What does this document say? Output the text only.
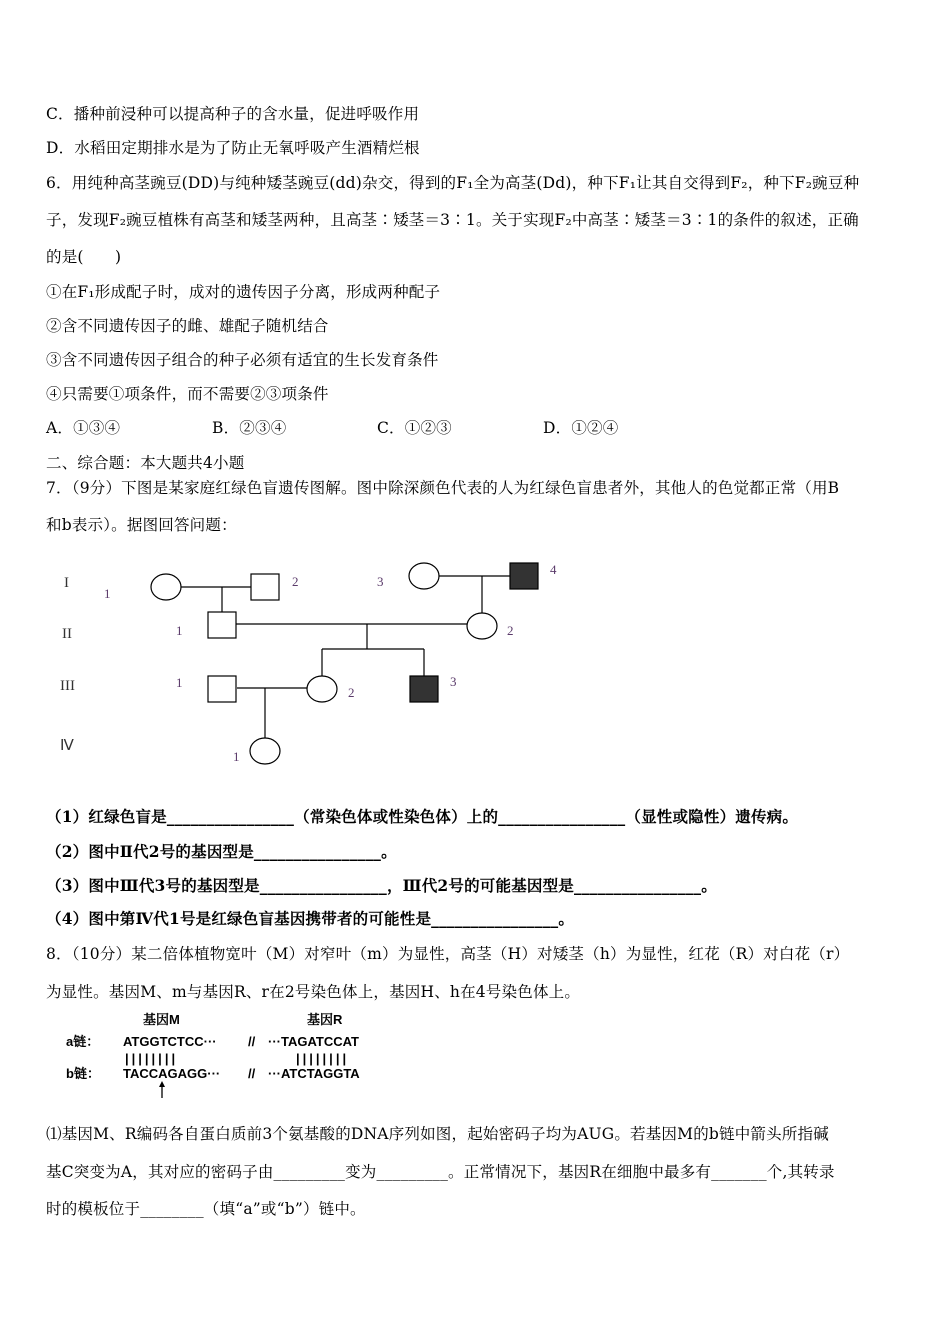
C．播种前浸种可以提高种子的含水量，促进呼吸作用
D．水稻田定期排水是为了防止无氧呼吸产生酒精烂根
6．用纯种高茎豌豆(DD)与纯种矮茎豌豆(dd)杂交，得到的F₁全为高茎(Dd)，种下F₁让其自交得到F₂，种下F₂豌豆种
子，发现F₂豌豆植株有高茎和矮茎两种，且高茎∶矮茎＝3∶1。关于实现F₂中高茎∶矮茎＝3∶1的条件的叙述，正确
的是(　　)
①在F₁形成配子时，成对的遗传因子分离，形成两种配子
②含不同遗传因子的雌、雄配子随机结合
③含不同遗传因子组合的种子必须有适宜的生长发育条件
④只需要①项条件，而不需要②③项条件
A．①③④	B．②③④	C．①②③	D．①②④
二、综合题：本大题共4小题
7．（9分）下图是某家庭红绿色盲遗传图解。图中除深颜色代表的人为红绿色盲患者外，其他人的色觉都正常（用B
和b表示）。据图回答问题：
I
II
III
Ⅳ
1
2	3
4
1	2
1
2
3
1
（1）红绿色盲是________________（常染色体或性染色体）上的________________（显性或隐性）遗传病。
（2）图中Ⅱ代2号的基因型是________________。
（3）图中Ⅲ代3号的基因型是________________，Ⅲ代2号的可能基因型是________________。
（4）图中第Ⅳ代1号是红绿色盲基因携带者的可能性是________________。
8．（10分）某二倍体植物宽叶（M）对窄叶（m）为显性，高茎（H）对矮茎（h）为显性，红花（R）对白花（r）
为显性。基因M、m与基因R、r在2号染色体上，基因H、h在4号染色体上。
基因M	基因R
a链：
b链：
ATGGTCTCC··· // ···TAGATCCAT
||||||||	||||||||
TACCAGAGG··· // ···ATCTAGGTA
⑴基因M、R编码各自蛋白质前3个氨基酸的DNA序列如图，起始密码子均为AUG。若基因M的b链中箭头所指碱
基C突变为A，其对应的密码子由_________变为_________。正常情况下，基因R在细胞中最多有_______个,其转录
时的模板位于________（填“a”或“b”）链中。
